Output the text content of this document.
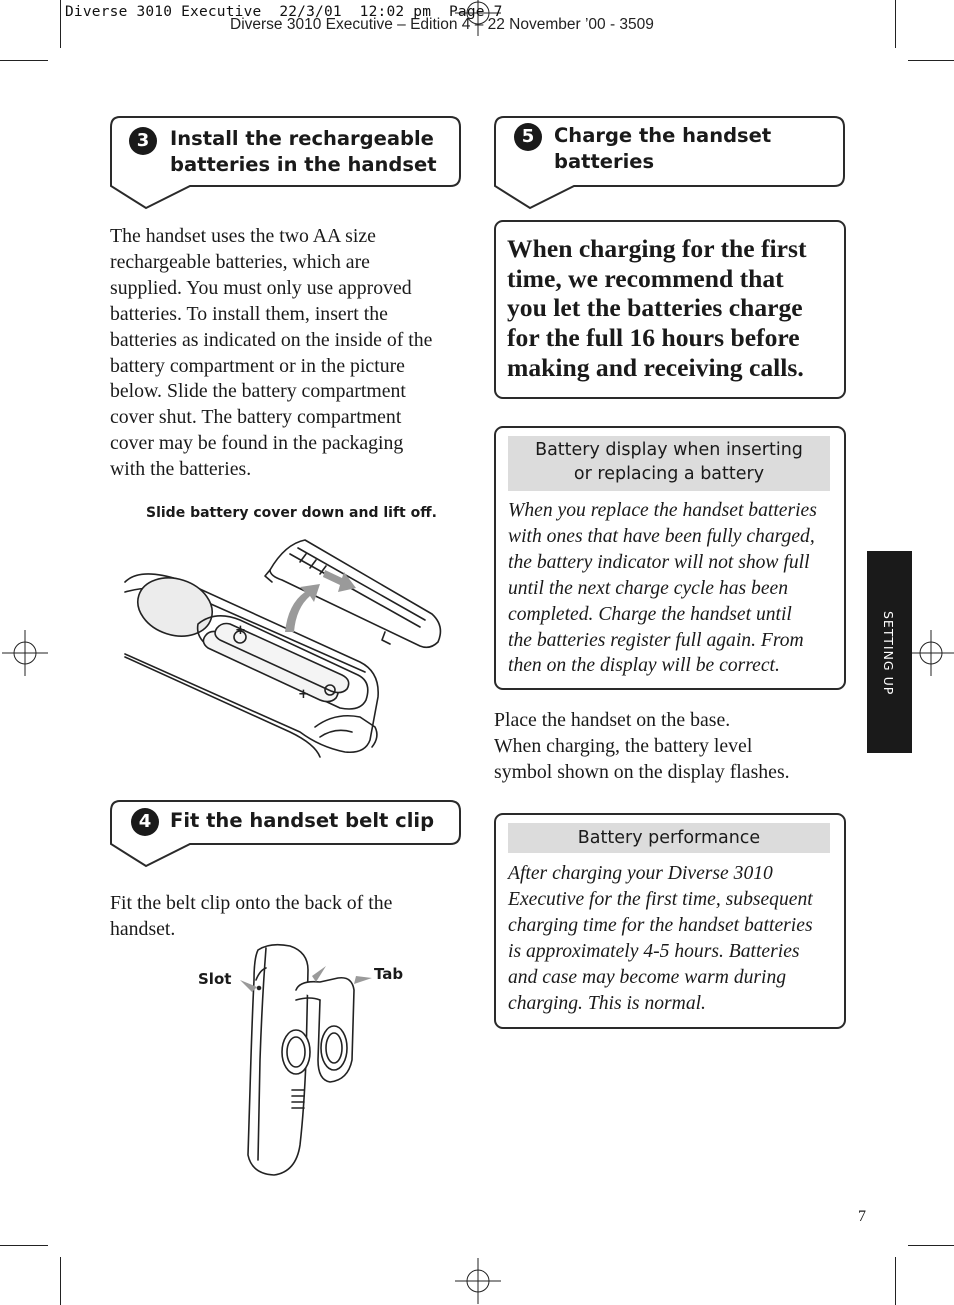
Diverse 3010 Executive – Edition 4 – 22 November ’00 - 3509
Diverse 3010 Executive  22/3/01  12:02 pm  Page 7
3	Install the rechargeable
batteries in the handset
The handset uses the two AA size
rechargeable batteries, which are
supplied. You must only use approved
batteries. To install them, insert the
batteries as indicated on the inside of the
battery compartment or in the picture
below. Slide the battery compartment
cover shut. The battery compartment
cover may be found in the packaging
with the batteries.
Slide battery cover down and lift off.
+
+
4 Fit the handset belt clip
Fit the belt clip onto the back of the
handset.
Slot	Tab
5	Charge the handset
batteries
When charging for the first
time, we recommend that
you let the batteries charge
for the full 16 hours before
making and receiving calls.
Battery display when inserting
or replacing a battery
When you replace the handset batteries
with ones that have been fully charged,
the battery indicator will not show full
until the next charge cycle has been
completed. Charge the handset until
the batteries register full again. From
then on the display will be correct.
Place the handset on the base.
When charging, the battery level
symbol shown on the display flashes.
Battery performance
After charging your Diverse 3010
Executive for the first time, subsequent
charging time for the handset batteries
is approximately 4-5 hours. Batteries
and case may become warm during
charging. This is normal.
SETTING UP
7
